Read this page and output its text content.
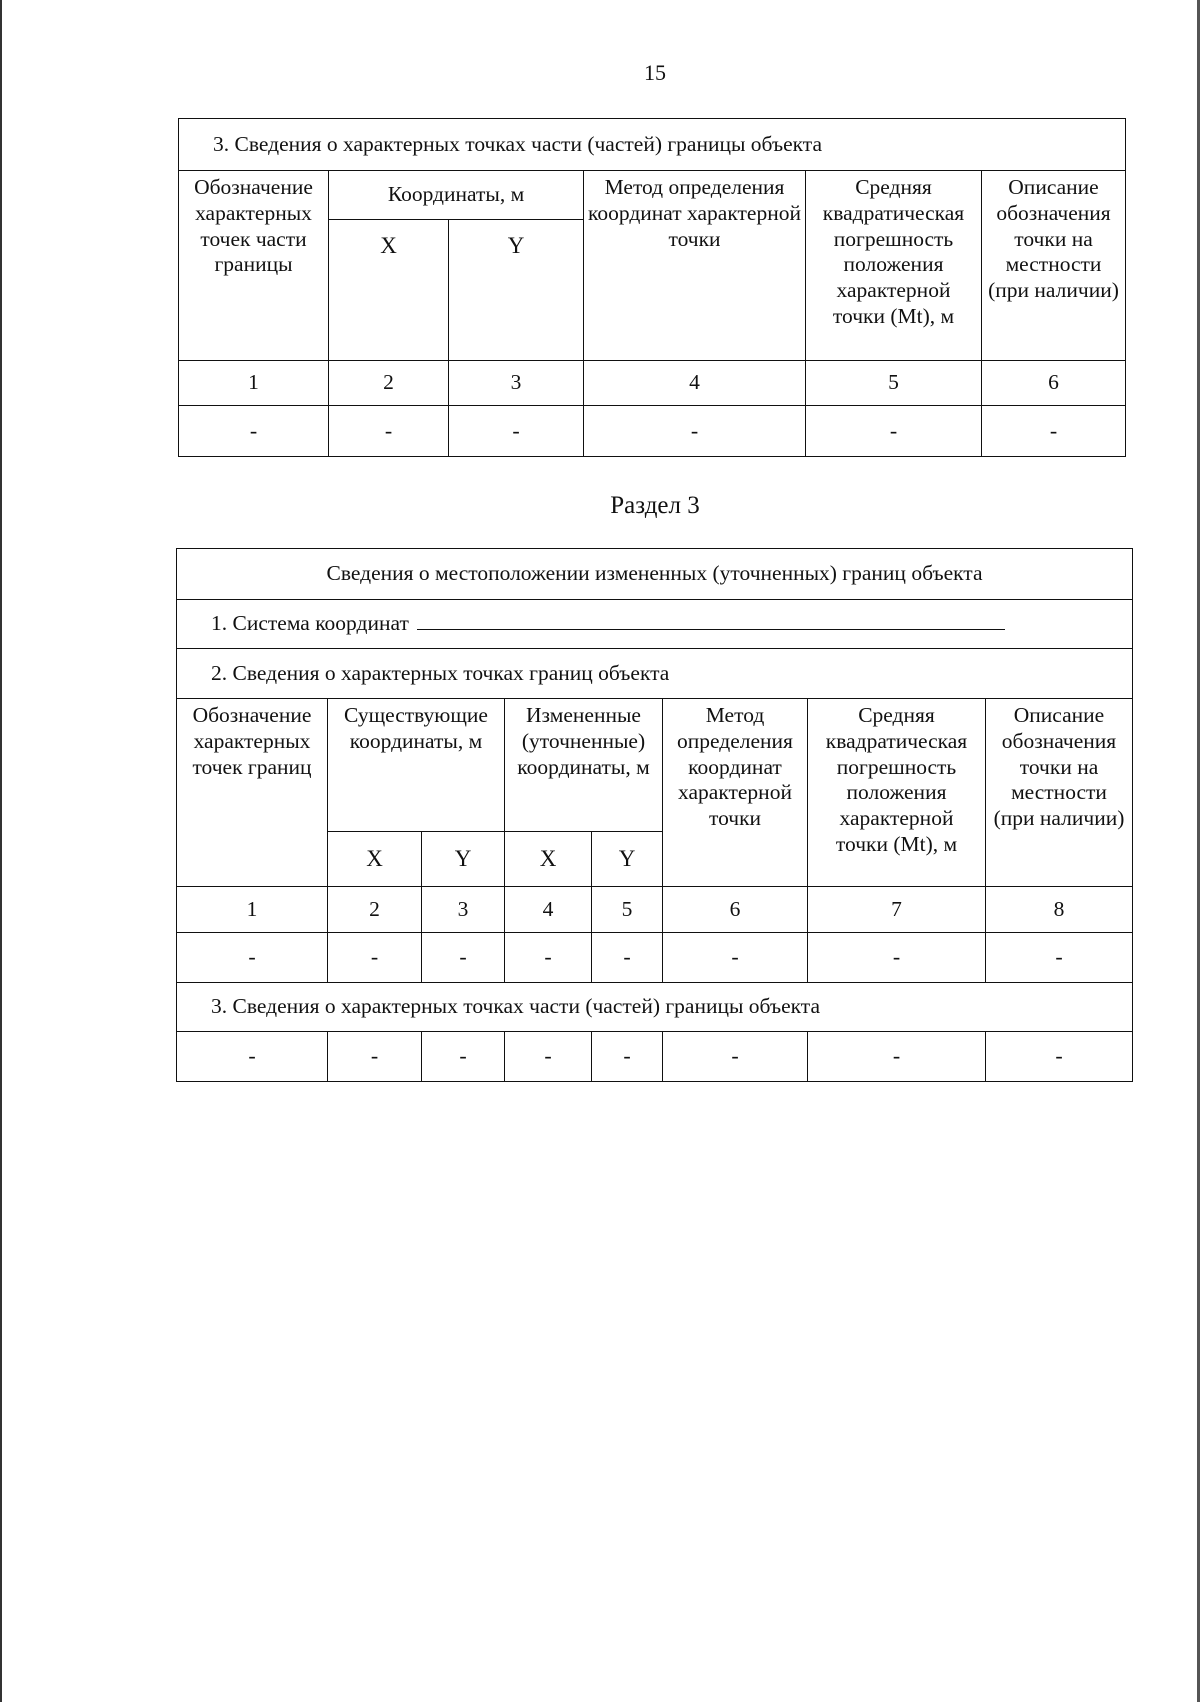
15
3. Сведения о характерных точках части (частей) границы объекта					
Обозначение характерных точек части границы	Координаты, м		Метод определения координат характерной точки	Средняя квадратическая погрешность положения характерной точки (Mt), м	Описание обозначения точки на местности (при наличии)
	X	Y			
1	2	3	4	5	6
-	-	-	-	-	-
Раздел 3
Сведения о местоположении измененных (уточненных) границ объекта							
1. Система координат							
2. Сведения о характерных точках границ объекта							
Обозначение характерных точек границ	Существующие координаты, м		Измененные (уточненные) координаты, м		Метод определения координат характерной точки	Средняя квадратическая погрешность положения характерной точки (Mt), м	Описание обозначения точки на местности (при наличии)
	X	Y	X	Y			
1	2	3	4	5	6	7	8
-	-	-	-	-	-	-	-
3. Сведения о характерных точках части (частей) границы объекта							
-	-	-	-	-	-	-	-
